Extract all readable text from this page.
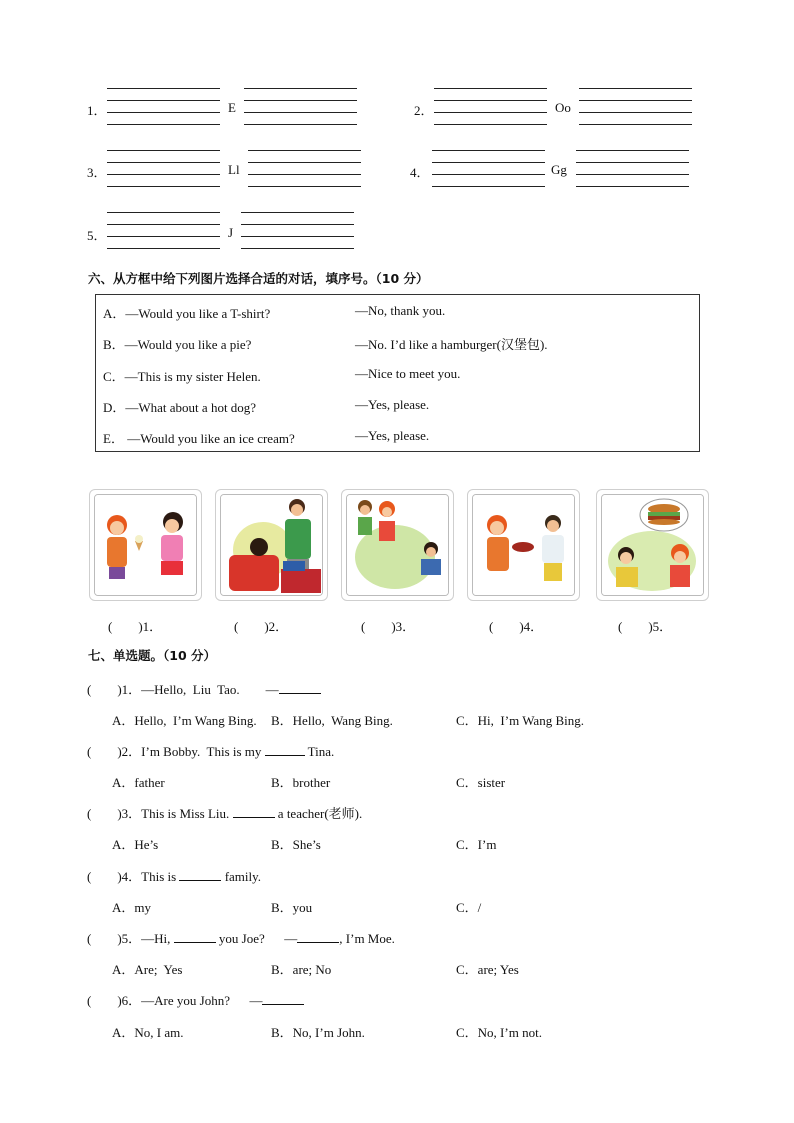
1．	E	2．	Oo
3．	Ll	4．	Gg
5．	J
六、从方框中给下列图片选择合适的对话，填序号。（10 分）
A．—Would you like a T-shirt?	—No, thank you.
B．—Would you like a pie?	—No. I’d like a hamburger(汉堡包).
C．—This is my sister Helen.	—Nice to meet you.
D．—What about a hot dog?	—Yes, please.
E． —Would you like an ice cream?	—Yes, please.
(　　)1．	(　　)2．	(　　)3．	(　　)4．	(　　)5．
七、单选题。（10 分）
(　　)1．—Hello,  Liu  Tao.        —
A．Hello,  I’m Wang Bing. B．Hello,  Wang Bing.	C．Hi,  I’m Wang Bing.
(　　)2．I’m Bobby.  This is my	Tina.
A．father	B．brother	C．sister
(　　)3．This is Miss Liu.	a teacher(老师).
A．He’s	B．She’s	C．I’m
(　　)4．This is	family.
A．my	B．you	C．/
(　　)5．—Hi,	you Joe?      —	, I’m Moe.
A．Are;  Yes	B．are; No	C．are; Yes
(　　)6．—Are you John?      —
A．No, I am.	B．No, I’m John.	C．No, I’m not.
